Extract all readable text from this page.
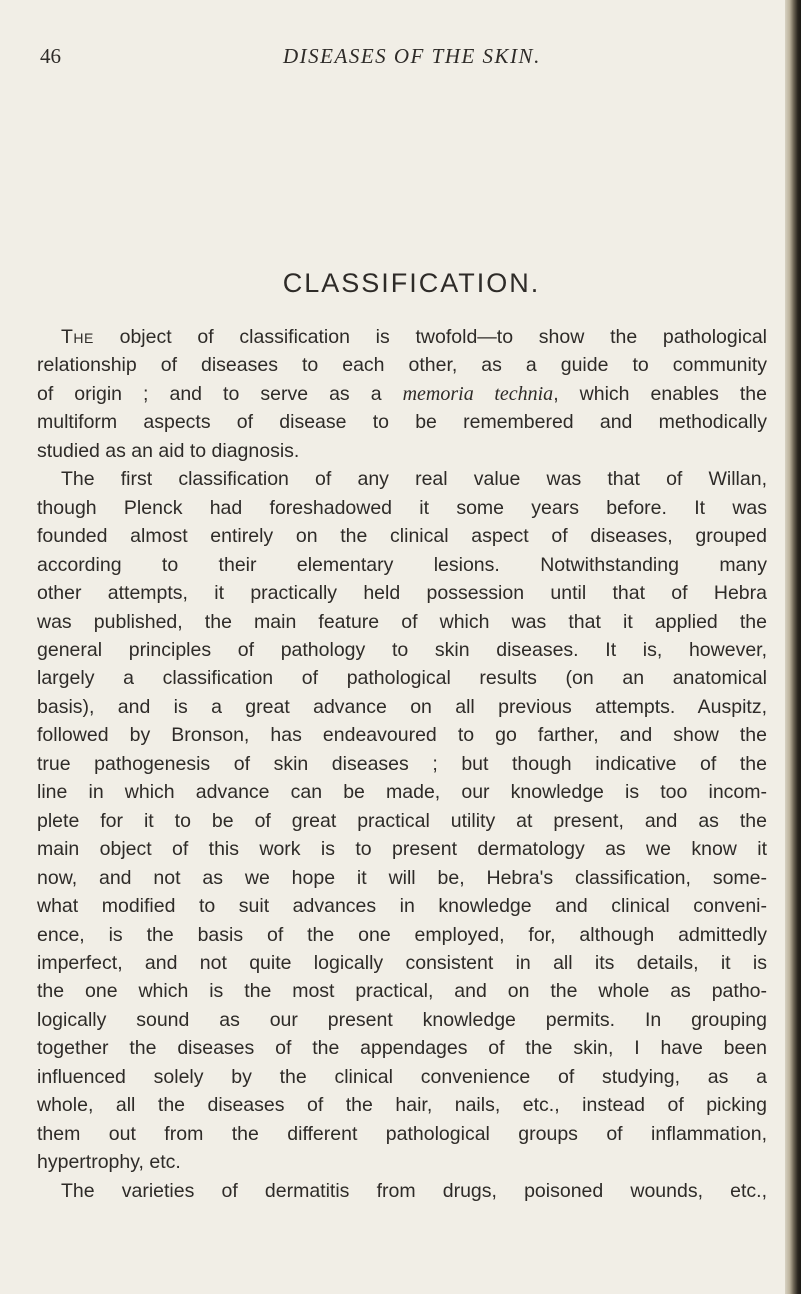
46	DISEASES OF THE SKIN.
CLASSIFICATION.
The object of classification is twofold—to show the pathological
relationship of diseases to each other, as a guide to community
of origin ; and to serve as a memoria technia, which enables the
multiform aspects of disease to be remembered and methodically
studied as an aid to diagnosis.
The first classification of any real value was that of Willan,
though Plenck had foreshadowed it some years before. It was
founded almost entirely on the clinical aspect of diseases, grouped
according to their elementary lesions. Notwithstanding many
other attempts, it practically held possession until that of Hebra
was published, the main feature of which was that it applied the
general principles of pathology to skin diseases. It is, however,
largely a classification of pathological results (on an anatomical
basis), and is a great advance on all previous attempts. Auspitz,
followed by Bronson, has endeavoured to go farther, and show the
true pathogenesis of skin diseases ; but though indicative of the
line in which advance can be made, our knowledge is too incom-
plete for it to be of great practical utility at present, and as the
main object of this work is to present dermatology as we know it
now, and not as we hope it will be, Hebra's classification, some-
what modified to suit advances in knowledge and clinical conveni-
ence, is the basis of the one employed, for, although admittedly
imperfect, and not quite logically consistent in all its details, it is
the one which is the most practical, and on the whole as patho-
logically sound as our present knowledge permits. In grouping
together the diseases of the appendages of the skin, I have been
influenced solely by the clinical convenience of studying, as a
whole, all the diseases of the hair, nails, etc., instead of picking
them out from the different pathological groups of inflammation,
hypertrophy, etc.
The varieties of dermatitis from drugs, poisoned wounds, etc.,
